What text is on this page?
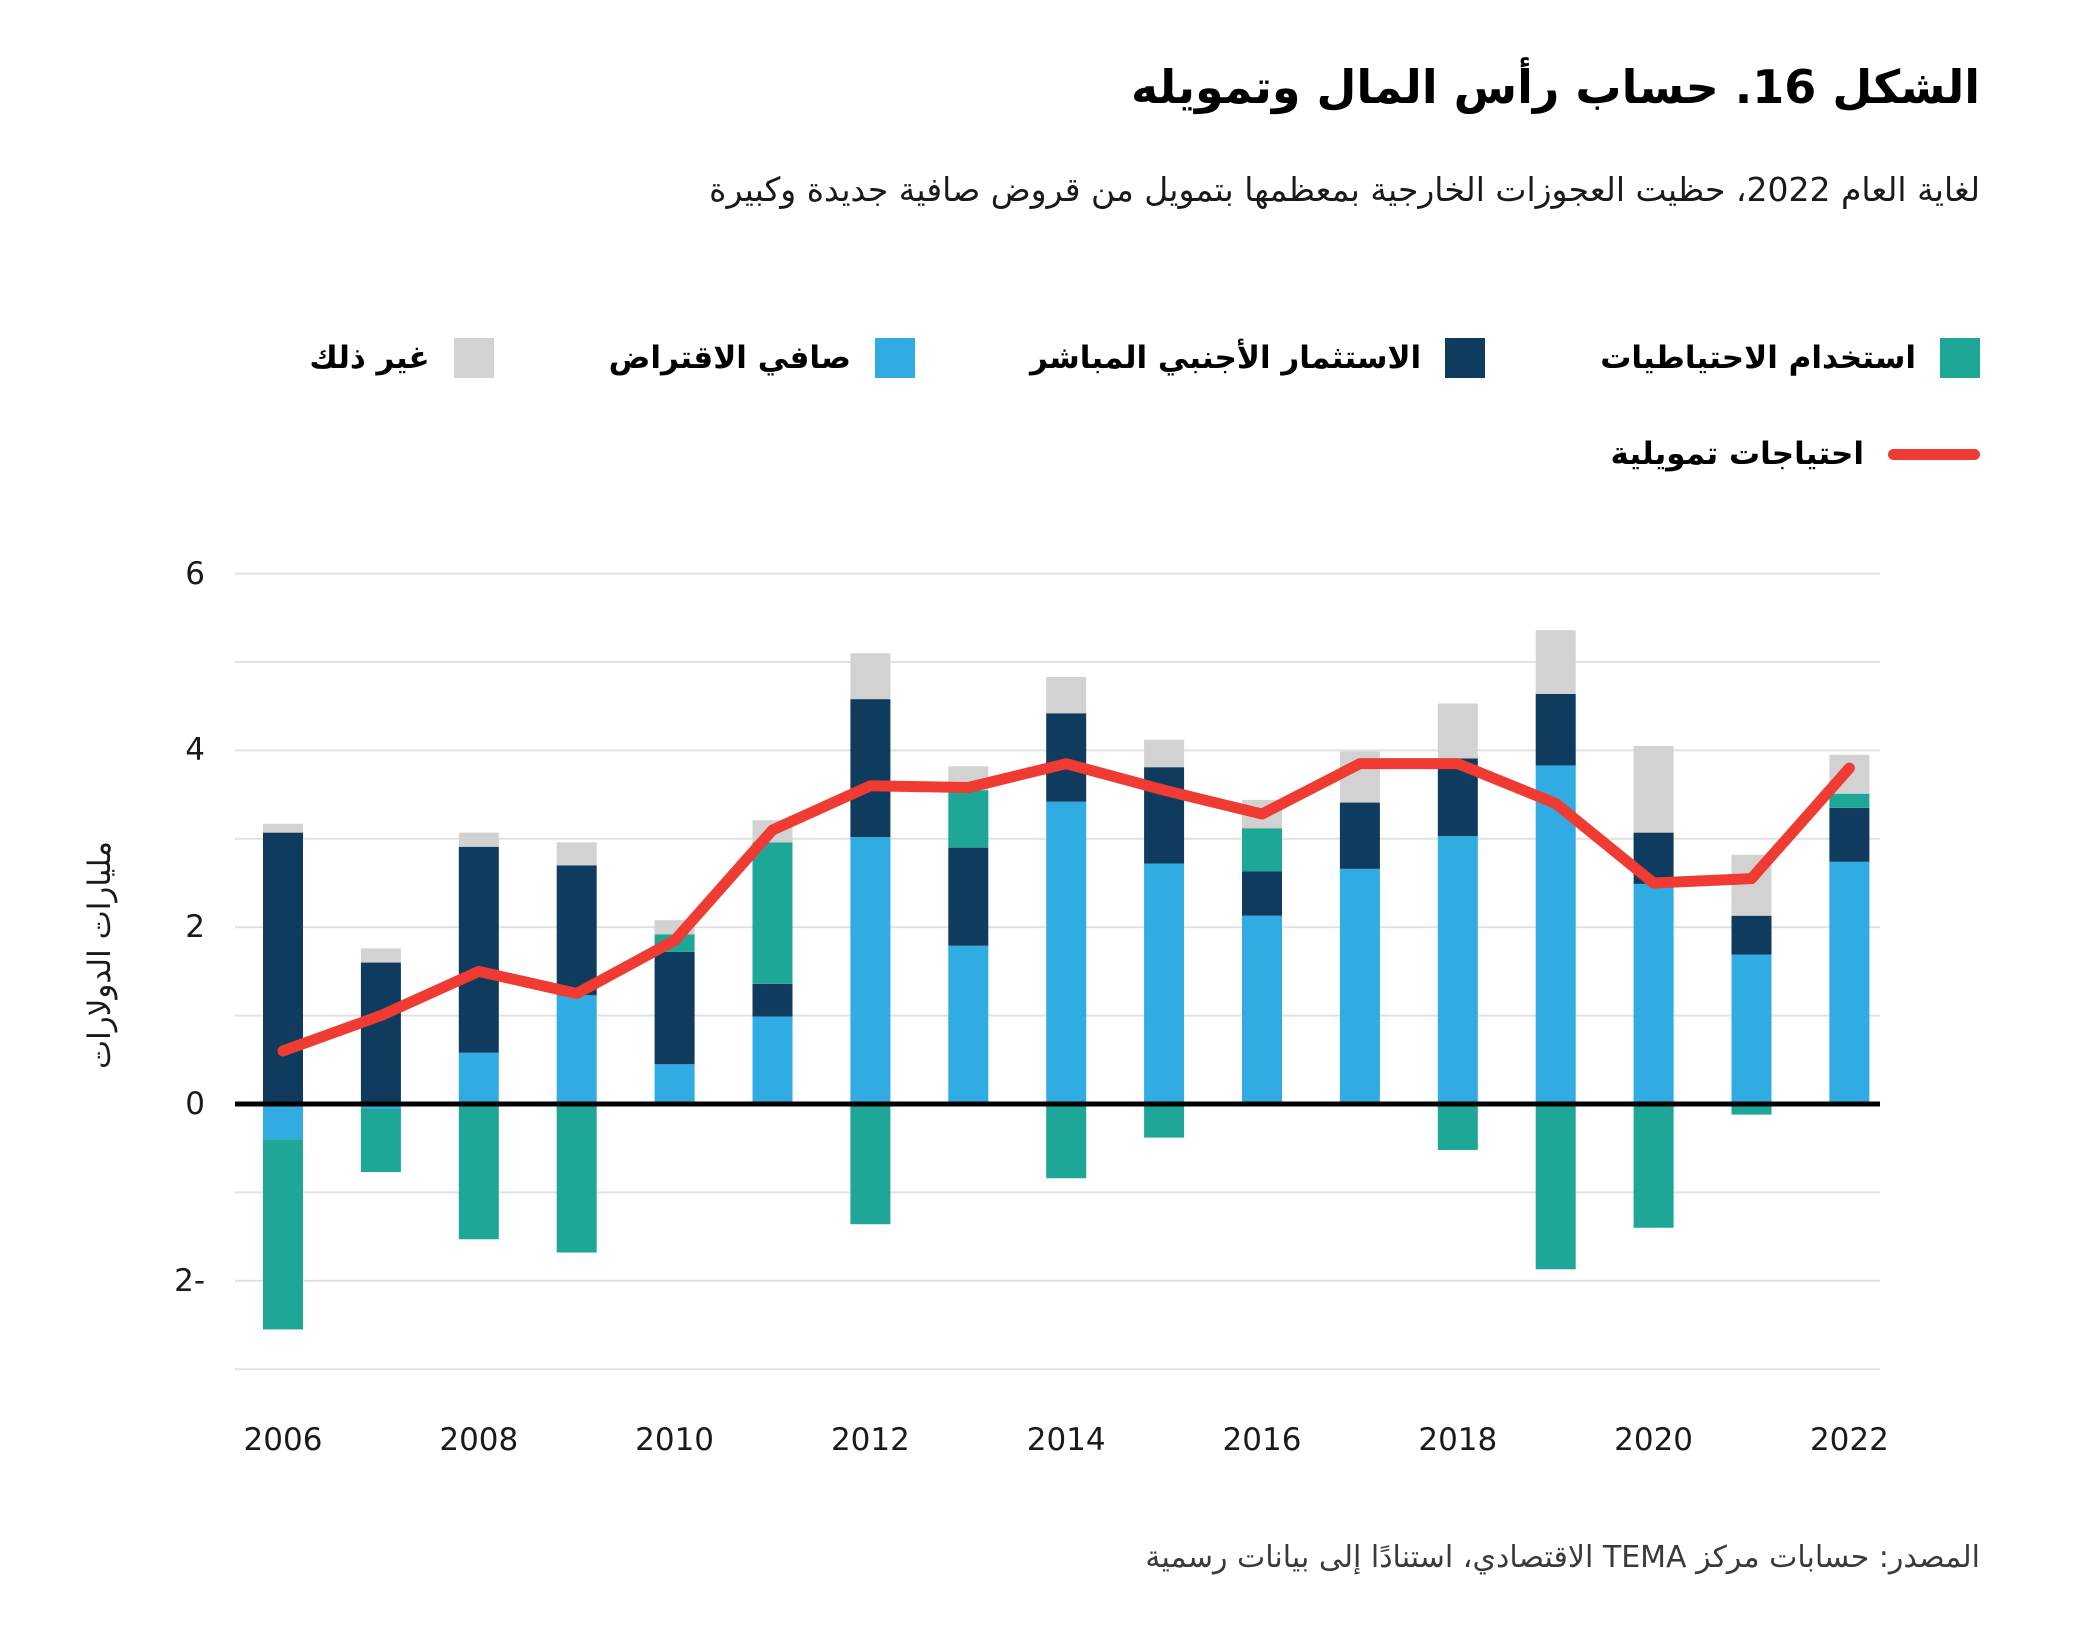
الشكل 16. حساب رأس المال وتمويله

لغاية العام 2022، حظيت العجوزات الخارجية بمعظمها بتمويل من قروض صافية جديدة وكبيرة

استخدام الاحتياطيات
الاستثمار الأجنبي المباشر
صافي الاقتراض
غير ذلك
احتياجات تمويلية
مليارات الدولارات
6
4
2
0
-2
2006	2008	2010	2012	2014	2016	2018	2020	2022
المصدر: حسابات مركز TEMA الاقتصادي، استنادًا إلى بيانات رسمية
